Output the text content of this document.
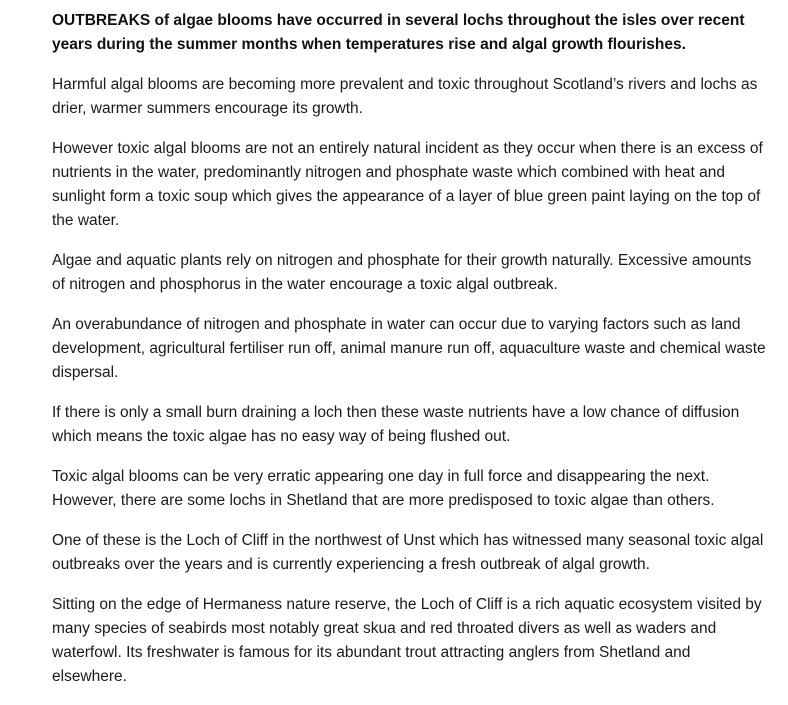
OUTBREAKS of algae blooms have occurred in several lochs throughout the isles over recent years during the summer months when temperatures rise and algal growth flourishes.

Harmful algal blooms are becoming more prevalent and toxic throughout Scotland’s rivers and lochs as drier, warmer summers encourage its growth.

However toxic algal blooms are not an entirely natural incident as they occur when there is an excess of nutrients in the water, predominantly nitrogen and phosphate waste which combined with heat and sunlight form a toxic soup which gives the appearance of a layer of blue green paint laying on the top of the water.

Algae and aquatic plants rely on nitrogen and phosphate for their growth naturally. Excessive amounts of nitrogen and phosphorus in the water encourage a toxic algal outbreak.

An overabundance of nitrogen and phosphate in water can occur due to varying factors such as land development, agricultural fertiliser run off, animal manure run off, aquaculture waste and chemical waste dispersal.

If there is only a small burn draining a loch then these waste nutrients have a low chance of diffusion which means the toxic algae has no easy way of being flushed out.

Toxic algal blooms can be very erratic appearing one day in full force and disappearing the next. However, there are some lochs in Shetland that are more predisposed to toxic algae than others.

One of these is the Loch of Cliff in the northwest of Unst which has witnessed many seasonal toxic algal outbreaks over the years and is currently experiencing a fresh outbreak of algal growth.

Sitting on the edge of Hermaness nature reserve, the Loch of Cliff is a rich aquatic ecosystem visited by many species of seabirds most notably great skua and red throated divers as well as waders and waterfowl. Its freshwater is famous for its abundant trout attracting anglers from Shetland and elsewhere.
